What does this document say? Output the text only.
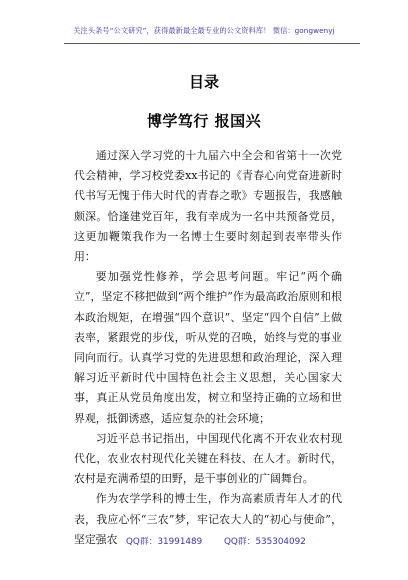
关注头条号“公文研究”，获得最新最全最专业的公文资料库！ 微信：gongwenyj
目录
博学笃行 报国兴

通过深入学习党的十九届六中全会和省第十一次党代会精神，学习校党委xx书记的《青春心向党奋进新时代书写无愧于伟大时代的青春之歌》专题报告，我感触颇深。恰逢建党百年，我有幸成为一名中共预备党员，这更加鞭策我作为一名博士生要时刻起到表率带头作用：

要加强党性修养，学会思考问题。牢记“两个确立”，坚定不移把做到“两个维护”作为最高政治原则和根本政治规矩，在增强“四个意识”、坚定“四个自信”上做表率，紧跟党的步伐，听从党的召唤，始终与党的事业同向而行。认真学习党的先进思想和政治理论，深入理解习近平新时代中国特色社会主义思想，关心国家大事，真正从党员角度出发，树立和坚持正确的立场和世界观，抵御诱惑，适应复杂的社会环境；

习近平总书记指出，中国现代化离不开农业农村现代化，农业农村现代化关键在科技、在人才。新时代，农村是充满希望的田野，是干事创业的广阔舞台。

作为农学学科的博士生，作为高素质青年人才的代表，我应心怀“三农”梦，牢记农大人的“初心与使命”，坚定强农 QQ群：31991489 QQ群：535304092
